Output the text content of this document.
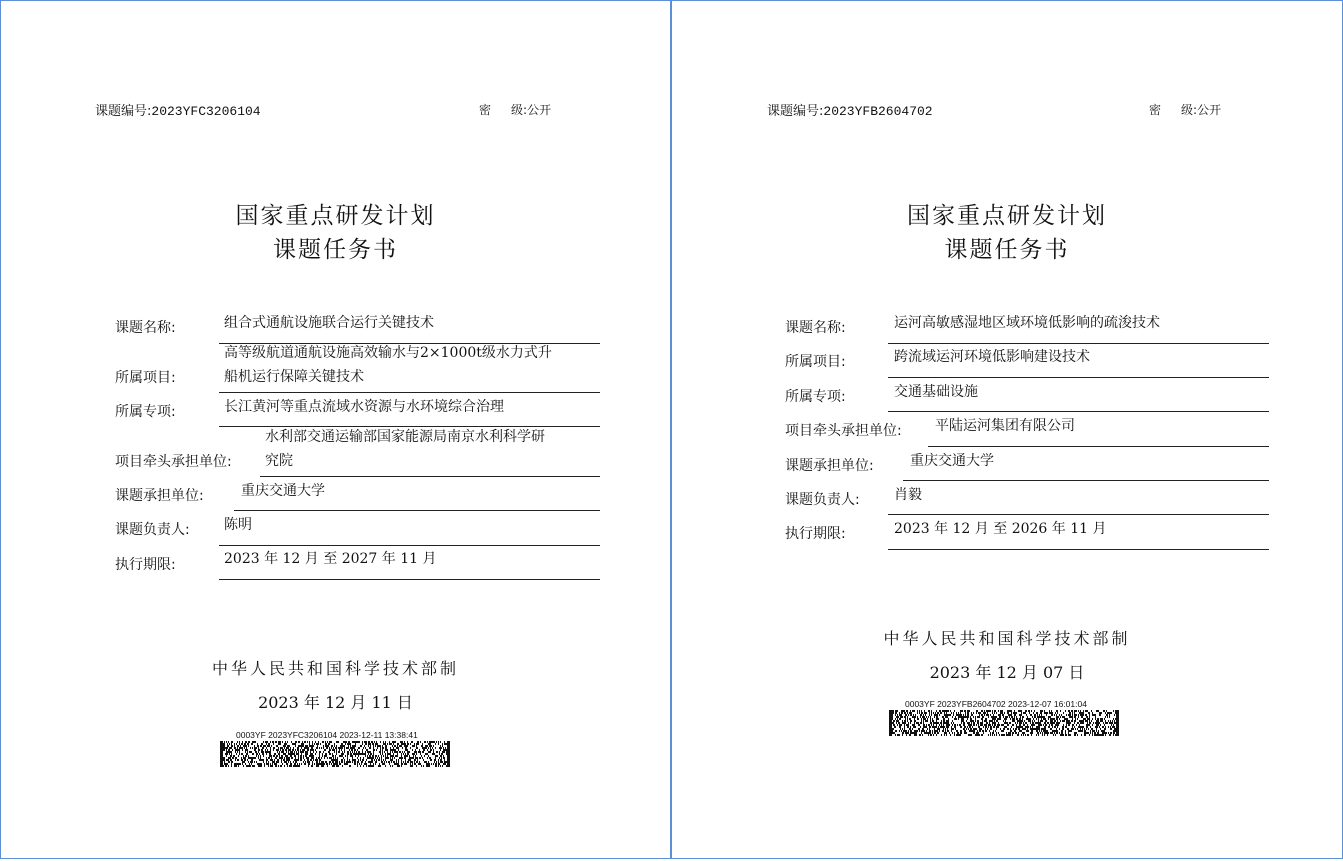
课题编号:2023YFC3206104	密 级:公开
国家重点研发计划
课题任务书
课题名称:	组合式通航设施联合运行关键技术
所属项目:
高等级航道通航设施高效输水与2×1000t级水力式升
船机运行保障关键技术
所属专项:	长江黄河等重点流域水资源与水环境综合治理
项目牵头承担单位:
水利部交通运输部国家能源局南京水利科学研
究院
课题承担单位:	重庆交通大学
课题负责人: 陈明
执行期限:	2023 年 12 月 至 2027 年 11 月
中华人民共和国科学技术部制
2023 年 12 月 11 日
0003YF 2023YFC3206104 2023-12-11 13:38:41
课题编号:2023YFB2604702	密 级:公开
国家重点研发计划
课题任务书
课题名称:	运河高敏感湿地区域环境低影响的疏浚技术
所属项目:	跨流域运河环境低影响建设技术
所属专项:	交通基础设施
项目牵头承担单位: 平陆运河集团有限公司
课题承担单位:	重庆交通大学
课题负责人: 肖毅
执行期限:	2023 年 12 月 至 2026 年 11 月
中华人民共和国科学技术部制
2023 年 12 月 07 日
0003YF 2023YFB2604702 2023-12-07 16:01:04
